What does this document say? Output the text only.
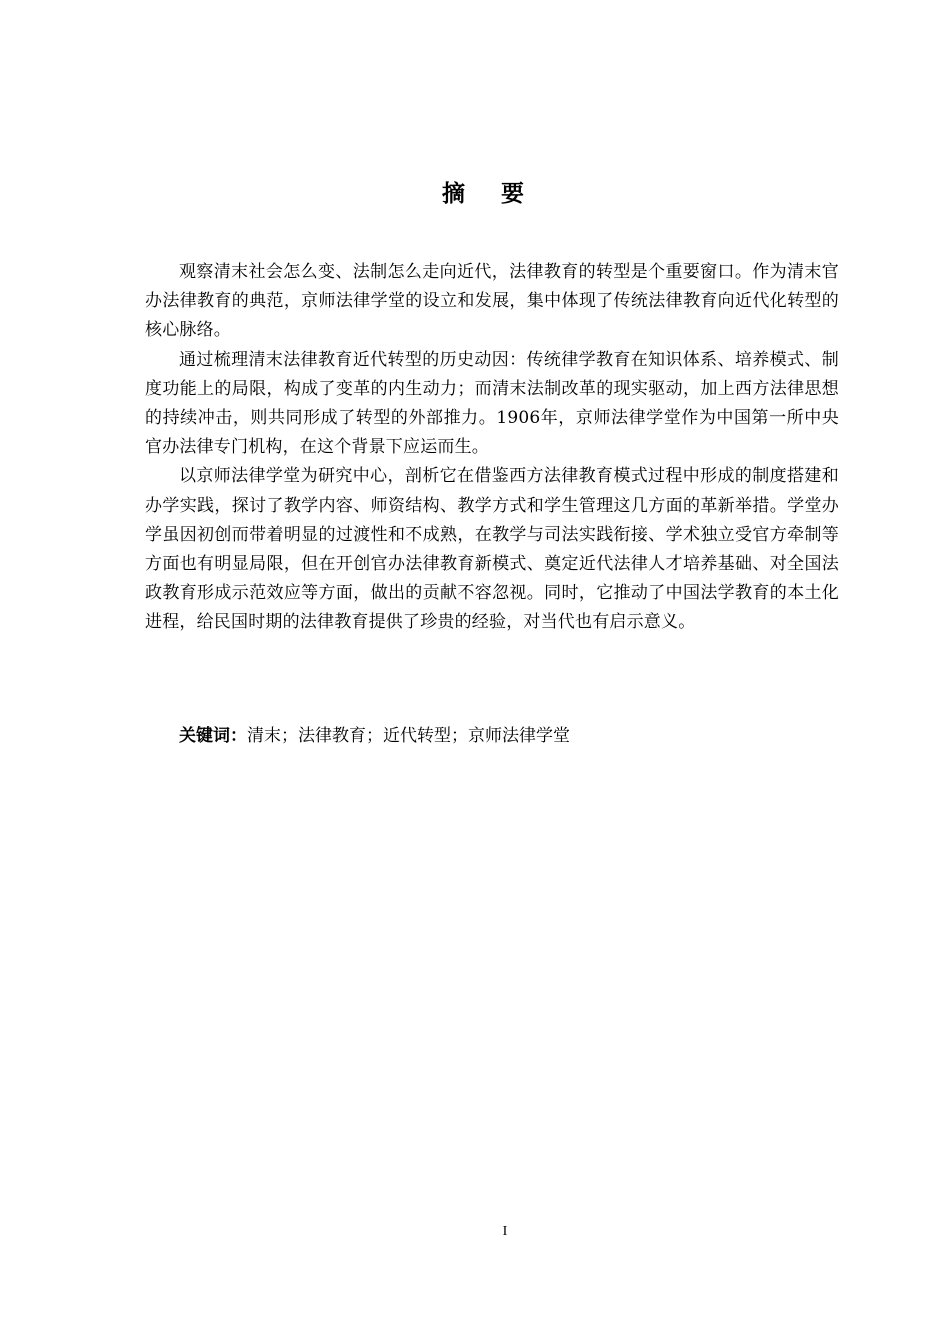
摘 要

观察清末社会怎么变、法制怎么走向近代，法律教育的转型是个重要窗口。作为清末官办法律教育的典范，京师法律学堂的设立和发展，集中体现了传统法律教育向近代化转型的核心脉络。

通过梳理清末法律教育近代转型的历史动因：传统律学教育在知识体系、培养模式、制度功能上的局限，构成了变革的内生动力；而清末法制改革的现实驱动，加上西方法律思想的持续冲击，则共同形成了转型的外部推力。1906年，京师法律学堂作为中国第一所中央官办法律专门机构，在这个背景下应运而生。

以京师法律学堂为研究中心，剖析它在借鉴西方法律教育模式过程中形成的制度搭建和办学实践，探讨了教学内容、师资结构、教学方式和学生管理这几方面的革新举措。学堂办学虽因初创而带着明显的过渡性和不成熟，在教学与司法实践衔接、学术独立受官方牵制等方面也有明显局限，但在开创官办法律教育新模式、奠定近代法律人才培养基础、对全国法政教育形成示范效应等方面，做出的贡献不容忽视。同时，它推动了中国法学教育的本土化进程，给民国时期的法律教育提供了珍贵的经验，对当代也有启示意义。

关键词：清末；法律教育；近代转型；京师法律学堂
I
